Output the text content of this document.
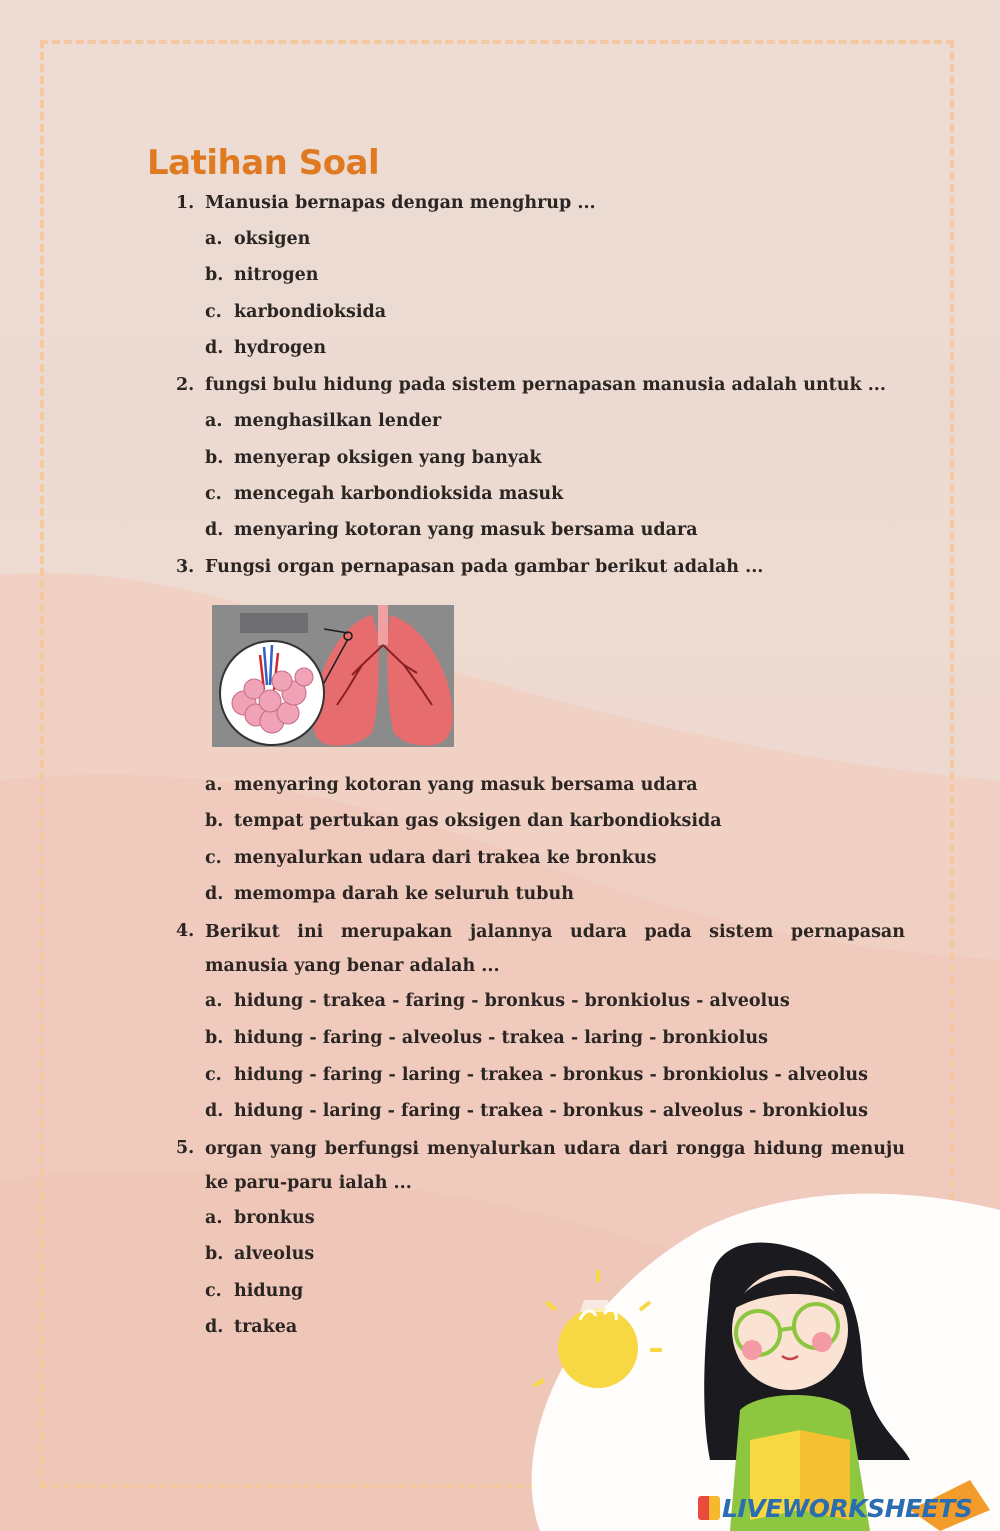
Latihan Soal
1. Manusia bernapas dengan menghrup ...
a. oksigen
b. nitrogen
c. karbondioksida
d. hydrogen
2. fungsi bulu hidung pada sistem pernapasan manusia adalah untuk ...
a. menghasilkan lender
b. menyerap oksigen yang banyak
c. mencegah karbondioksida masuk
d. menyaring kotoran yang masuk bersama udara
3. Fungsi organ pernapasan pada gambar berikut adalah ...
a. menyaring kotoran yang masuk bersama udara
b. tempat pertukan gas oksigen dan karbondioksida
c. menyalurkan udara dari trakea ke bronkus
d. memompa darah ke seluruh tubuh
4. Berikut ini merupakan jalannya udara pada sistem pernapasan manusia yang benar adalah ...
a. hidung - trakea - faring - bronkus - bronkiolus - alveolus
b. hidung - faring - alveolus - trakea - laring - bronkiolus
c. hidung - faring - laring - trakea - bronkus - bronkiolus - alveolus
d. hidung - laring - faring - trakea - bronkus - alveolus - bronkiolus
5. organ yang berfungsi menyalurkan udara dari rongga hidung menuju ke paru-paru ialah ...
a. bronkus
b. alveolus
c. hidung
d. trakea
LIVEWORKSHEETS
